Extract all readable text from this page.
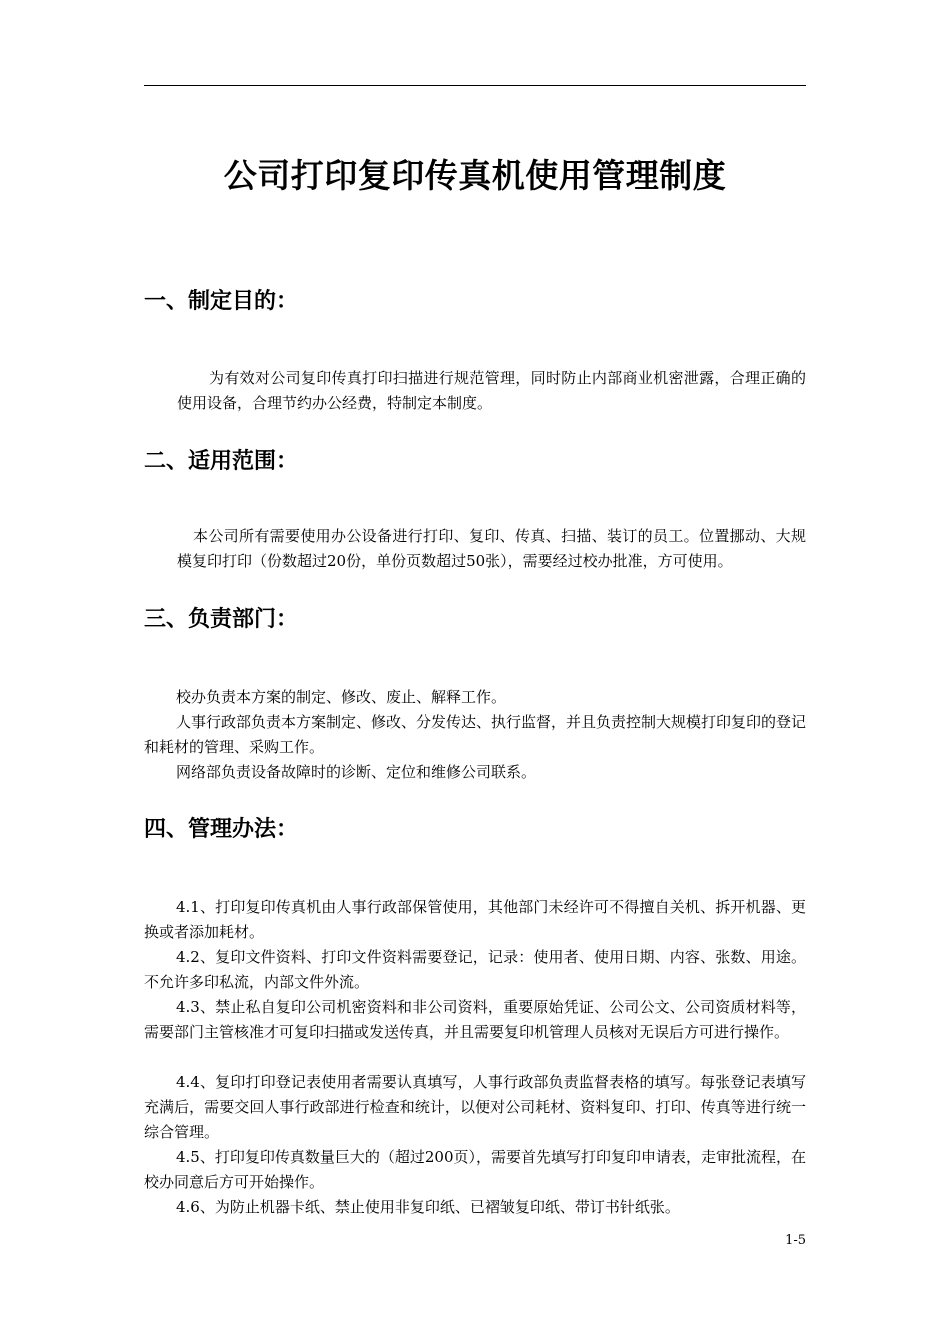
公司打印复印传真机使用管理制度
一、制定目的：

为有效对公司复印传真打印扫描进行规范管理，同时防止内部商业机密泄露，合理正确的使用设备，合理节约办公经费，特制定本制度。

二、适用范围：

本公司所有需要使用办公设备进行打印、复印、传真、扫描、装订的员工。位置挪动、大规模复印打印（份数超过20份，单份页数超过50张），需要经过校办批准，方可使用。

三、负责部门：

校办负责本方案的制定、修改、废止、解释工作。

人事行政部负责本方案制定、修改、分发传达、执行监督，并且负责控制大规模打印复印的登记和耗材的管理、采购工作。

网络部负责设备故障时的诊断、定位和维修公司联系。

四、管理办法：

4.1、打印复印传真机由人事行政部保管使用，其他部门未经许可不得擅自关机、拆开机器、更换或者添加耗材。

4.2、复印文件资料、打印文件资料需要登记，记录：使用者、使用日期、内容、张数、用途。不允许多印私流，内部文件外流。

4.3、禁止私自复印公司机密资料和非公司资料，重要原始凭证、公司公文、公司资质材料等，需要部门主管核准才可复印扫描或发送传真，并且需要复印机管理人员核对无误后方可进行操作。

4.4、复印打印登记表使用者需要认真填写，人事行政部负责监督表格的填写。每张登记表填写充满后，需要交回人事行政部进行检查和统计，以便对公司耗材、资料复印、打印、传真等进行统一综合管理。

4.5、打印复印传真数量巨大的（超过200页），需要首先填写打印复印申请表，走审批流程，在校办同意后方可开始操作。

4.6、为防止机器卡纸、禁止使用非复印纸、已褶皱复印纸、带订书针纸张。

1-5
